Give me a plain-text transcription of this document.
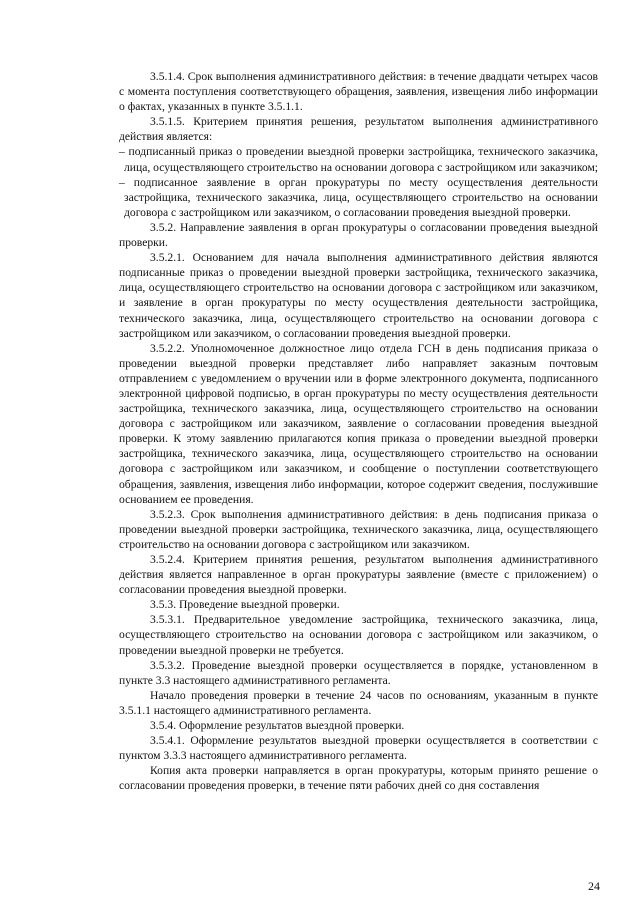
3.5.1.4. Срок выполнения административного действия: в течение двадцати четырех часов с момента поступления соответствующего обращения, заявления, извещения либо информации о фактах, указанных в пункте 3.5.1.1.

3.5.1.5. Критерием принятия решения, результатом выполнения административного действия является:

– подписанный приказ о проведении выездной проверки застройщика, технического заказчика, лица, осуществляющего строительство на основании договора с застройщиком или заказчиком;

– подписанное заявление в орган прокуратуры по месту осуществления деятельности застройщика, технического заказчика, лица, осуществляющего строительство на основании договора с застройщиком или заказчиком, о согласовании проведения выездной проверки.

3.5.2. Направление заявления в орган прокуратуры о согласовании проведения выездной проверки.

3.5.2.1. Основанием для начала выполнения административного действия являются подписанные приказ о проведении выездной проверки застройщика, технического заказчика, лица, осуществляющего строительство на основании договора с застройщиком или заказчиком, и заявление в орган прокуратуры по месту осуществления деятельности застройщика, технического заказчика, лица, осуществляющего строительство на основании договора с застройщиком или заказчиком, о согласовании проведения выездной проверки.

3.5.2.2. Уполномоченное должностное лицо отдела ГСН в день подписания приказа о проведении выездной проверки представляет либо направляет заказным почтовым отправлением с уведомлением о вручении или в форме электронного документа, подписанного электронной цифровой подписью, в орган прокуратуры по месту осуществления деятельности застройщика, технического заказчика, лица, осуществляющего строительство на основании договора с застройщиком или заказчиком, заявление о согласовании проведения выездной проверки. К этому заявлению прилагаются копия приказа о проведении выездной проверки застройщика, технического заказчика, лица, осуществляющего строительство на основании договора с застройщиком или заказчиком, и сообщение о поступлении соответствующего обращения, заявления, извещения либо информации, которое содержит сведения, послужившие основанием ее проведения.

3.5.2.3. Срок выполнения административного действия: в день подписания приказа о проведении выездной проверки застройщика, технического заказчика, лица, осуществляющего строительство на основании договора с застройщиком или заказчиком.

3.5.2.4. Критерием принятия решения, результатом выполнения административного действия является направленное в орган прокуратуры заявление (вместе с приложением) о согласовании проведения выездной проверки.

3.5.3. Проведение выездной проверки.

3.5.3.1. Предварительное уведомление застройщика, технического заказчика, лица, осуществляющего строительство на основании договора с застройщиком или заказчиком, о проведении выездной проверки не требуется.

3.5.3.2. Проведение выездной проверки осуществляется в порядке, установленном в пункте 3.3 настоящего административного регламента.

Начало проведения проверки в течение 24 часов по основаниям, указанным в пункте 3.5.1.1 настоящего административного регламента.

3.5.4. Оформление результатов выездной проверки.

3.5.4.1. Оформление результатов выездной проверки осуществляется в соответствии с пунктом 3.3.3 настоящего административного регламента.

Копия акта проверки направляется в орган прокуратуры, которым принято решение о согласовании проведения проверки, в течение пяти рабочих дней со дня составления

24
